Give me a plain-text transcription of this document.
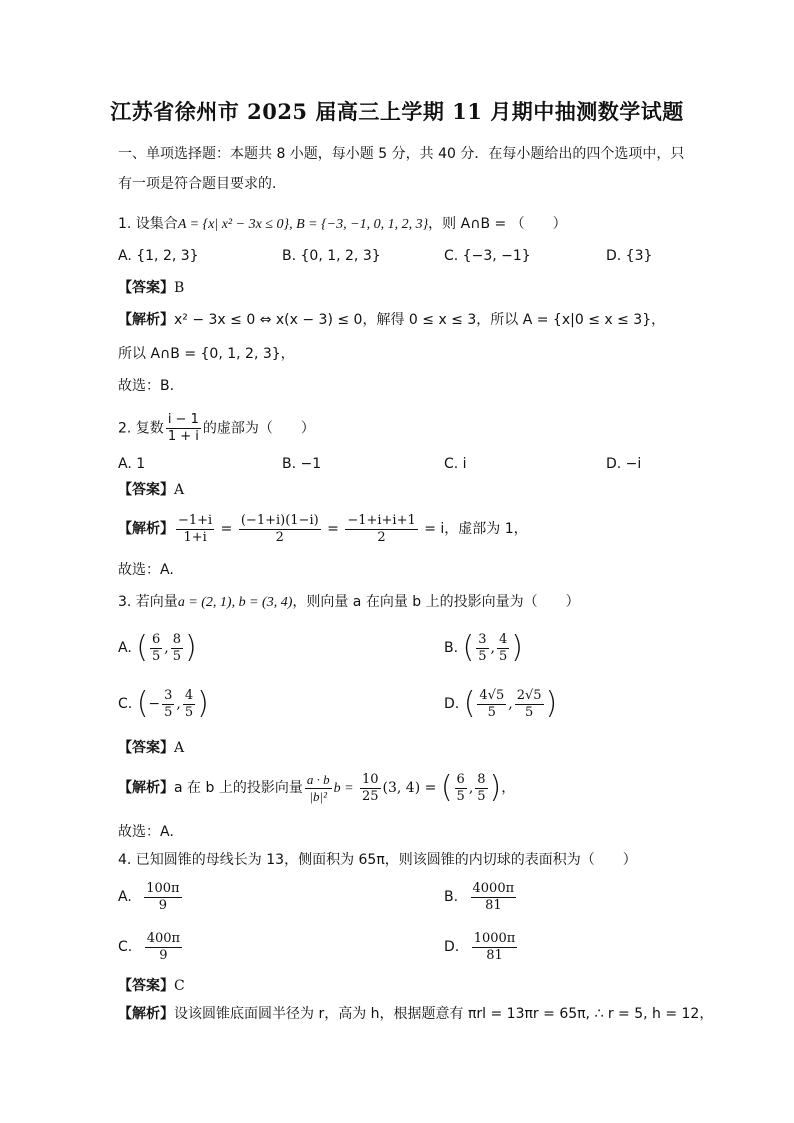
江苏省徐州市 2025 届高三上学期 11 月期中抽测数学试题
一、单项选择题：本题共 8 小题，每小题 5 分，共 40 分．在每小题给出的四个选项中，只
有一项是符合题目要求的．
1. 设集合A = {x| x² − 3x ≤ 0}, B = {−3, −1, 0, 1, 2, 3}，则 A∩B = （　　）
A. {1, 2, 3}	B. {0, 1, 2, 3}	C. {−3, −1}	D. {3}
【答案】B
【解析】x² − 3x ≤ 0 ⇔ x(x − 3) ≤ 0，解得 0 ≤ x ≤ 3，所以 A = {x|0 ≤ x ≤ 3}，
所以 A∩B = {0, 1, 2, 3}，
故选：B.
2. 复数 $\frac{i - 1}{1 + i}$ 的虚部为（　　）
A. 1	B. −1	C. i	D. −i
【答案】A
【解析】 $\frac{-1+i}{1+i} = \frac{(-1+i)(1-i)}{2} = \frac{-1+i+i+1}{2} = i$，虚部为 1，
故选：A.
3. 若向量a = (2, 1), b = (3, 4)，则向量 a 在向量 b 上的投影向量为（　　）
A. ( $\frac{6}{5}$ , $\frac{8}{5}$ )	B. ( $\frac{3}{5}$ , $\frac{4}{5}$ )
C. (− $\frac{3}{5}$ , $\frac{4}{5}$ )	D. ( $\frac{4√5}{5}$ , $\frac{2√5}{5}$ )
【答案】A
【解析】a 在 b 上的投影向量 $\frac{a \cdot b}{\text{|b|²}}$ $b = \frac{10}{25} (3$, 4) = ( $\frac{6}{5}$ , $\frac{8}{5}$ )，
故选：A.
4. 已知圆锥的母线长为 13，侧面积为 65π，则该圆锥的内切球的表面积为（　　）
A. $\frac{100\pi}{9}$	B. $\frac{4000\pi}{81}$
C. $\frac{400\pi}{9}$	D. $\frac{1000\pi}{81}$
【答案】C
【解析】设该圆锥底面圆半径为 r，高为 h，根据题意有 πrl = 13πr = 65π, ∴ r = 5, h = 12，
